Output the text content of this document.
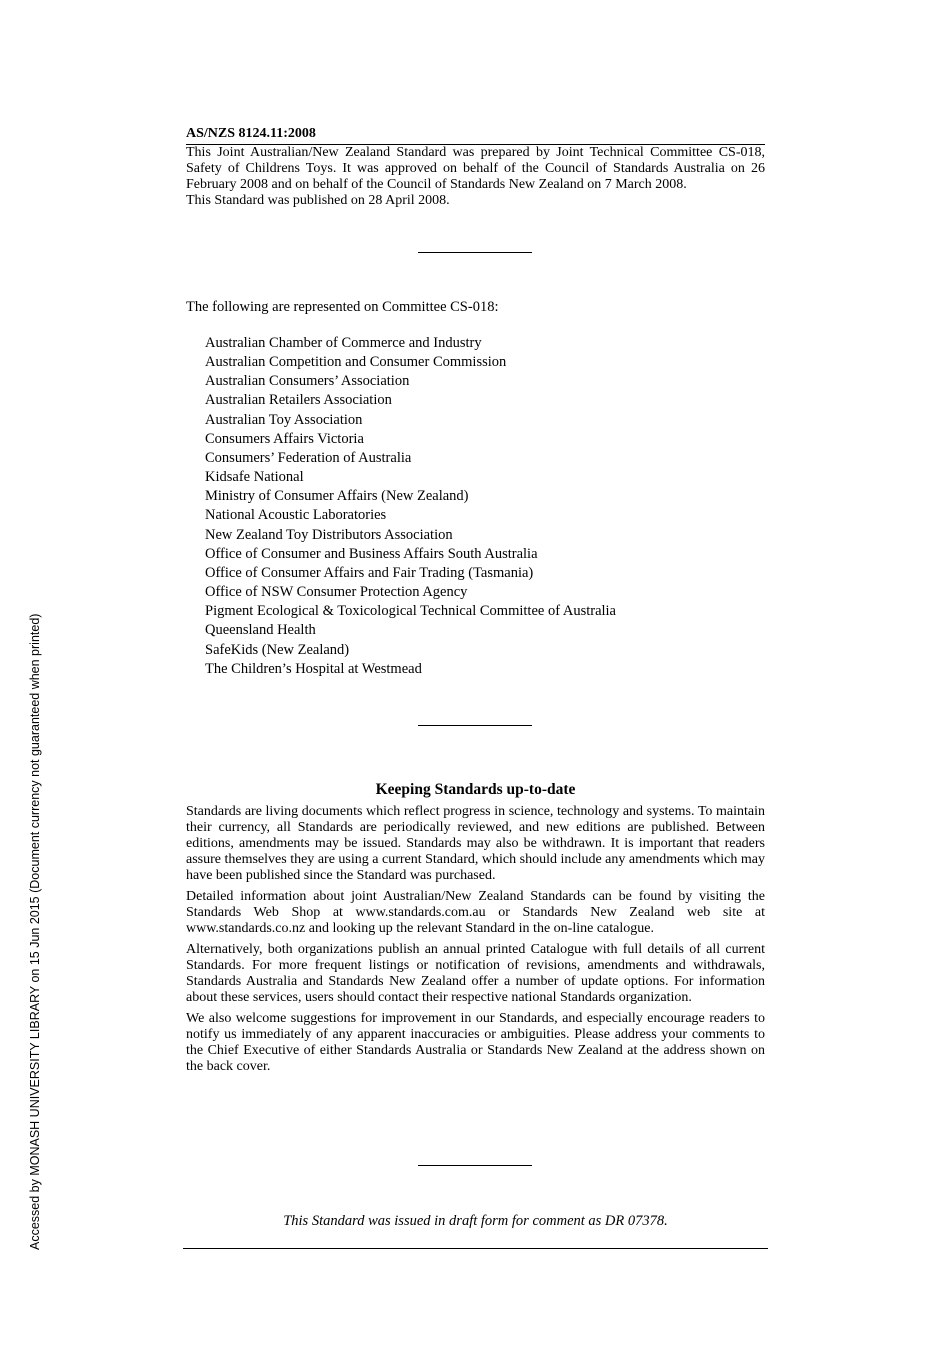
AS/NZS 8124.11:2008

This Joint Australian/New Zealand Standard was prepared by Joint Technical Committee CS-018, Safety of Childrens Toys. It was approved on behalf of the Council of Standards Australia on 26 February 2008 and on behalf of the Council of Standards New Zealand on 7 March 2008.

This Standard was published on 28 April 2008.

The following are represented on Committee CS-018:
Australian Chamber of Commerce and Industry
Australian Competition and Consumer Commission
Australian Consumers’ Association
Australian Retailers Association
Australian Toy Association
Consumers Affairs Victoria
Consumers’ Federation of Australia
Kidsafe National
Ministry of Consumer Affairs (New Zealand)
National Acoustic Laboratories
New Zealand Toy Distributors Association
Office of Consumer and Business Affairs South Australia
Office of Consumer Affairs and Fair Trading (Tasmania)
Office of NSW Consumer Protection Agency
Pigment Ecological & Toxicological Technical Committee of Australia
Queensland Health
SafeKids (New Zealand)
The Children’s Hospital at Westmead
Keeping Standards up-to-date

Standards are living documents which reflect progress in science, technology and systems. To maintain their currency, all Standards are periodically reviewed, and new editions are published. Between editions, amendments may be issued. Standards may also be withdrawn. It is important that readers assure themselves they are using a current Standard, which should include any amendments which may have been published since the Standard was purchased.

Detailed information about joint Australian/New Zealand Standards can be found by visiting the Standards Web Shop at www.standards.com.au or Standards New Zealand web site at www.standards.co.nz and looking up the relevant Standard in the on-line catalogue.

Alternatively, both organizations publish an annual printed Catalogue with full details of all current Standards. For more frequent listings or notification of revisions, amendments and withdrawals, Standards Australia and Standards New Zealand offer a number of update options. For information about these services, users should contact their respective national Standards organization.

We also welcome suggestions for improvement in our Standards, and especially encourage readers to notify us immediately of any apparent inaccuracies or ambiguities. Please address your comments to the Chief Executive of either Standards Australia or Standards New Zealand at the address shown on the back cover.

This Standard was issued in draft form for comment as DR 07378.
Accessed by MONASH UNIVERSITY LIBRARY on 15 Jun 2015 (Document currency not guaranteed when printed)
